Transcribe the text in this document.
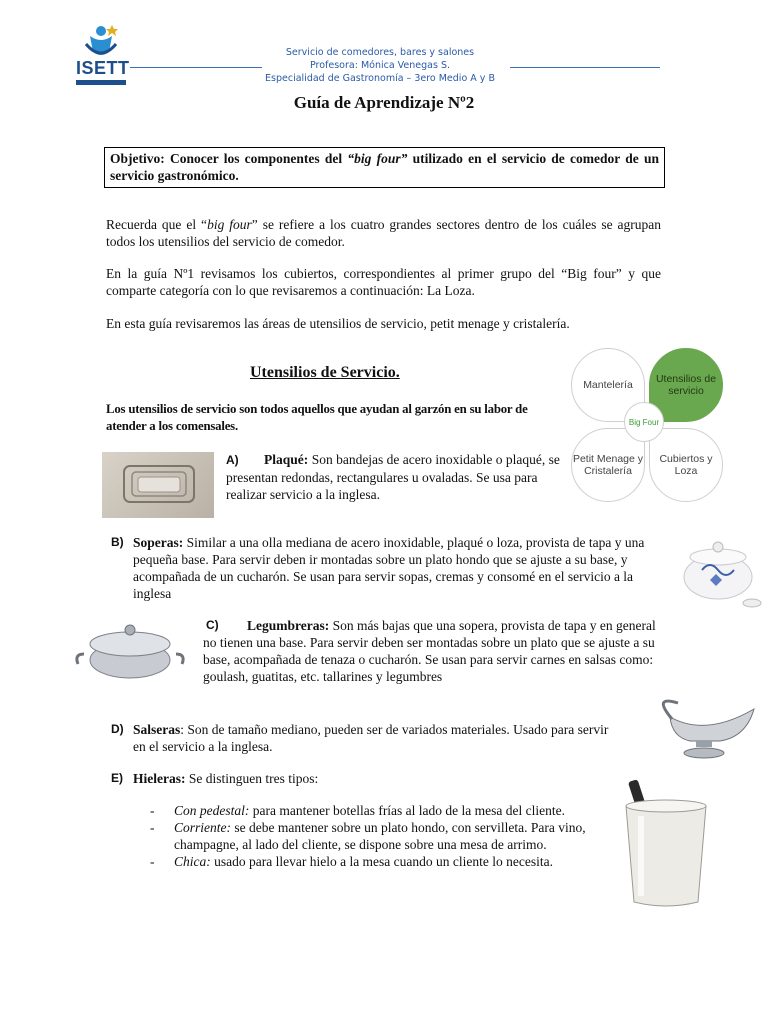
ISETT
Servicio de comedores, bares y salones
Profesora: Mónica Venegas S.
Especialidad de Gastronomía – 3ero Medio A y B
Guía de Aprendizaje Nº2
Objetivo: Conocer los componentes del “big four” utilizado en el servicio de comedor de un servicio gastronómico.
Recuerda que el “big four” se refiere a los cuatro grandes sectores dentro de los cuáles se agrupan todos los utensilios del servicio de comedor.
En la guía Nº1 revisamos los cubiertos, correspondientes al primer grupo del “Big four” y que comparte categoría con lo que revisaremos a continuación: La Loza.
En esta guía revisaremos las áreas de utensilios de servicio, petit menage y cristalería.
Utensilios de Servicio.
Los utensilios de servicio son todos aquellos que ayudan al garzón en su labor de atender a los comensales.
Mantelería	Utensilios de servicio
Petit Menage y Cristalería
Cubiertos y Loza
Big Four
A) Plaqué: Son bandejas de acero inoxidable o plaqué, se presentan redondas, rectangulares u ovaladas. Se usa para realizar servicio a la inglesa.
B) Soperas: Similar a una olla mediana de acero inoxidable, plaqué o loza, provista de tapa y una pequeña base. Para servir deben ir montadas sobre un plato hondo que se ajuste a su base, y acompañada de un cucharón. Se usan para servir sopas, cremas y consomé en el servicio a la inglesa
C)	Legumbreras: Son más bajas que una sopera, provista de tapa y en general no tienen una base. Para servir deben ser montadas sobre un plato que se ajuste a su base, acompañada de tenaza o cucharón. Se usan para servir carnes en salsas como: goulash, guatitas, etc. tallarines y legumbres
D) Salseras: Son de tamaño mediano, pueden ser de variados materiales. Usado para servir en el servicio a la inglesa.
E) Hieleras: Se distinguen tres tipos:
- Con pedestal: para mantener botellas frías al lado de la mesa del cliente.
- Corriente: se debe mantener sobre un plato hondo, con servilleta. Para vino, champagne, al lado del cliente, se dispone sobre una mesa de arrimo.
- Chica: usado para llevar hielo a la mesa cuando un cliente lo necesita.
